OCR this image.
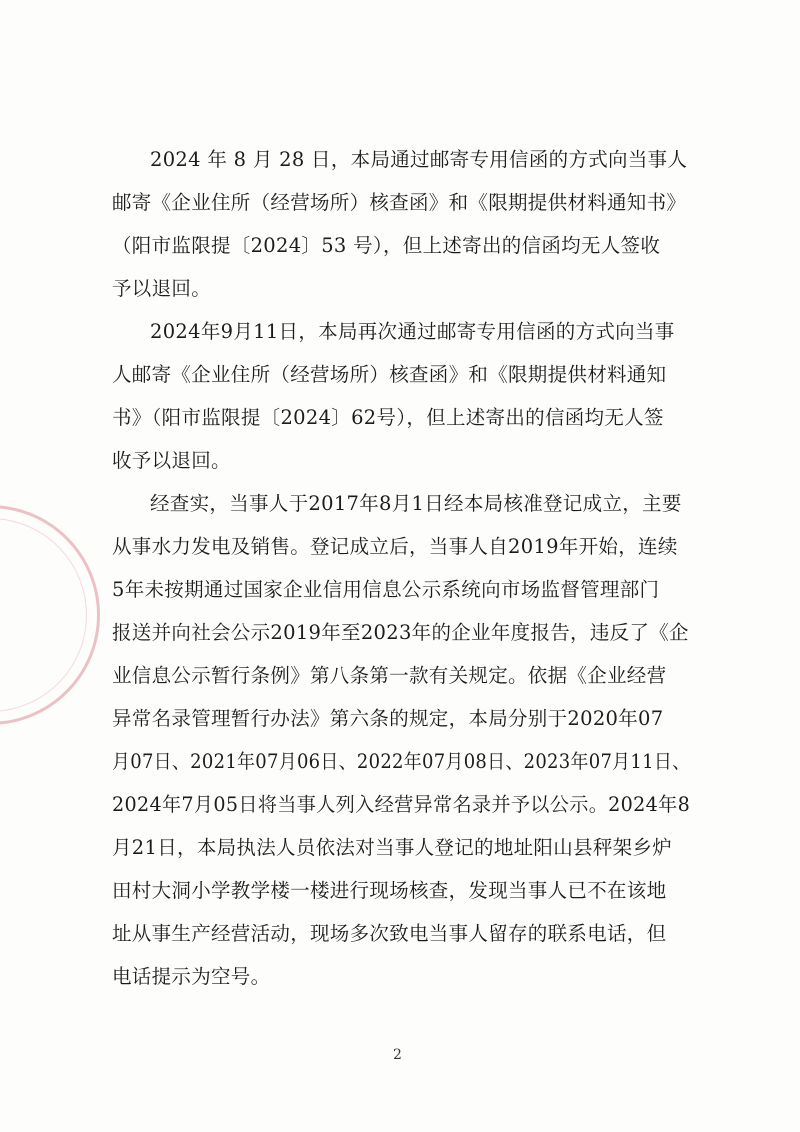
2024 年 8 月 28 日，本局通过邮寄专用信函的方式向当事人
邮寄《企业住所（经营场所）核查函》和《限期提供材料通知书》
（阳市监限提〔2024〕53 号），但上述寄出的信函均无人签收
予以退回。
2024年9月11日，本局再次通过邮寄专用信函的方式向当事
人邮寄《企业住所（经营场所）核查函》和《限期提供材料通知
书》（阳市监限提〔2024〕62号），但上述寄出的信函均无人签
收予以退回。
经查实，当事人于2017年8月1日经本局核准登记成立，主要
从事水力发电及销售。登记成立后，当事人自2019年开始，连续
5年未按期通过国家企业信用信息公示系统向市场监督管理部门
报送并向社会公示2019年至2023年的企业年度报告，违反了《企
业信息公示暂行条例》第八条第一款有关规定。依据《企业经营
异常名录管理暂行办法》第六条的规定，本局分别于2020年07
月07日、2021年07月06日、2022年07月08日、2023年07月11日、
2024年7月05日将当事人列入经营异常名录并予以公示。2024年8
月21日，本局执法人员依法对当事人登记的地址阳山县秤架乡炉
田村大洞小学教学楼一楼进行现场核查，发现当事人已不在该地
址从事生产经营活动，现场多次致电当事人留存的联系电话，但
电话提示为空号。
2
